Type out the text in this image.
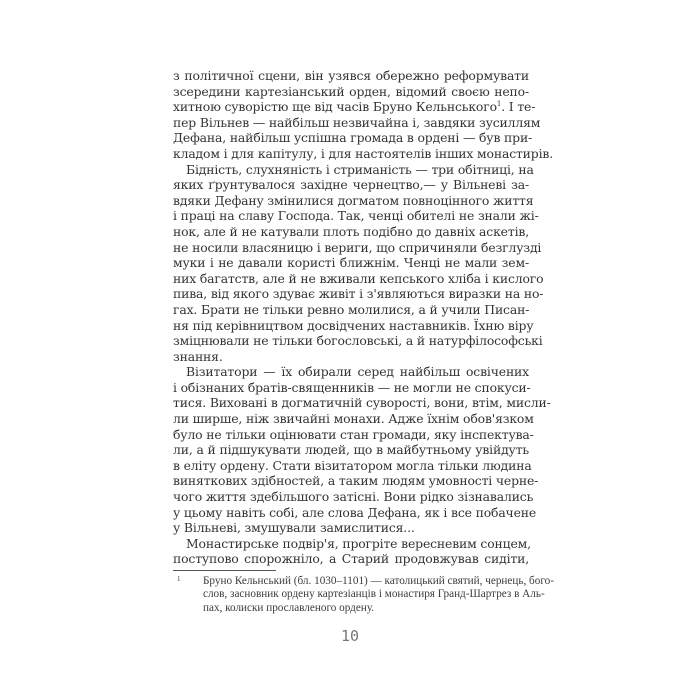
з політичної сцени, він узявся обережно реформувати
зсередини картезіанський орден, відомий своєю непо-
хитною суворістю ще від часів Бруно Кельнського$^1$. І те-
пер Вільнев — найбільш незвичайна і, завдяки зусиллям
Дефана, найбільш успішна громада в ордені — був при-
кладом і для капітулу, і для настоятелів інших монастирів.
Бідність, слухняність і стриманість — три обітниці, на
яких ґрунтувалося західне чернецтво,— у Вільневі за-
вдяки Дефану змінилися догматом повноцінного життя
і праці на славу Господа. Так, ченці обителі не знали жі-
нок, але й не катували плоть подібно до давніх аскетів,
не носили власяницю і вериги, що спричиняли безглузді
муки і не давали користі ближнім. Ченці не мали зем-
них багатств, але й не вживали кепського хліба і кислого
пива, від якого здуває живіт і з'являються виразки на но-
гах. Брати не тільки ревно молилися, а й учили Писан-
ня під керівництвом досвідчених наставників. Їхню віру
зміцнювали не тільки богословські, а й натурфілософські
знання.
Візитатори — їх обирали серед найбільш освічених
і обізнаних братів-священників — не могли не спокуси-
тися. Виховані в догматичній суворості, вони, втім, мисли-
ли ширше, ніж звичайні монахи. Адже їхнім обов'язком
було не тільки оцінювати стан громади, яку інспектува-
ли, а й підшукувати людей, що в майбутньому увійдуть
в еліту ордену. Стати візитатором могла тільки людина
виняткових здібностей, а таким людям умовності черне-
чого життя здебільшого затісні. Вони рідко зізнавались
у цьому навіть собі, але слова Дефана, як і все побачене
у Вільневі, змушували замислитися...
Монастирське подвір'я, прогріте вересневим сонцем,
поступово спорожніло, а Старий продовжував сидіти,
1	Бруно Кельнський (бл. 1030–1101) — католицький святий, чернець, бого-
слов, засновник ордену картезіанців і монастиря Гранд-Шартрез в Аль-
пах, колиски прославленого ордену.
10
